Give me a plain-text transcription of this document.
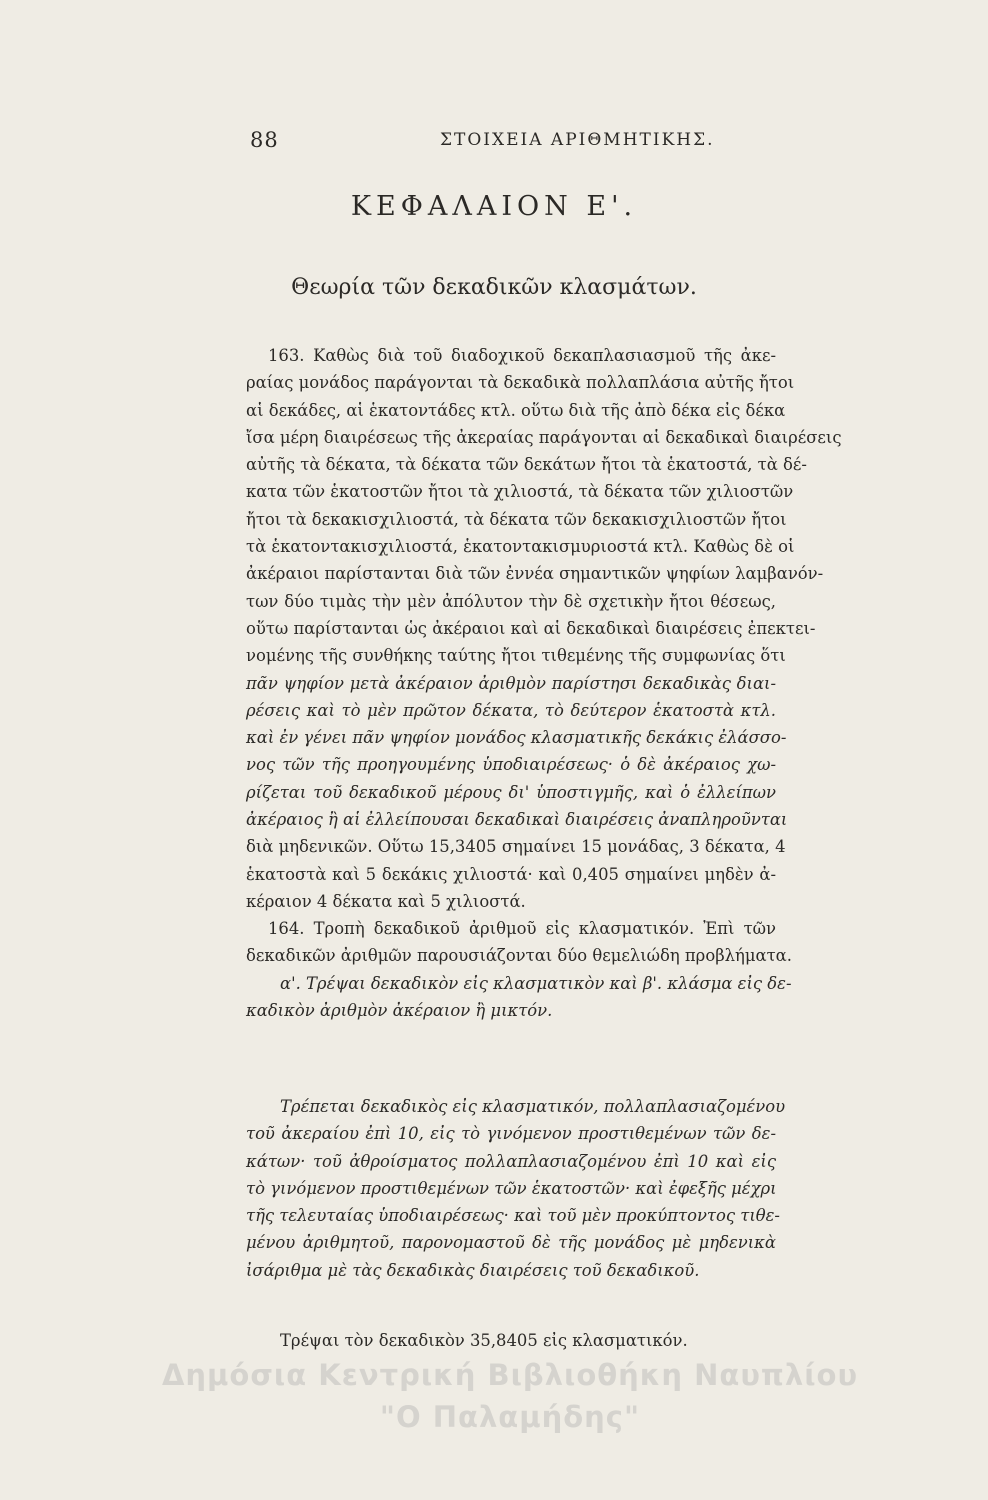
88	ΣΤΟΙΧΕΙΑ ΑΡΙΘΜΗΤΙΚΗΣ.
ΚΕΦΑΛΑΙΟΝ Ε'.
Θεωρία τῶν δεκαδικῶν κλασμάτων.
163. Καθὼς διὰ τοῦ διαδοχικοῦ δεκαπλασιασμοῦ τῆς ἀκε-
ραίας μονάδος παράγονται τὰ δεκαδικὰ πολλαπλάσια αὐτῆς ἤτοι
αἱ δεκάδες, αἱ ἑκατοντάδες κτλ. οὕτω διὰ τῆς ἀπὸ δέκα εἰς δέκα
ἴσα μέρη διαιρέσεως τῆς ἀκεραίας παράγονται αἱ δεκαδικαὶ διαιρέσεις
αὐτῆς τὰ δέκατα, τὰ δέκατα τῶν δεκάτων ἤτοι τὰ ἑκατοστά, τὰ δέ-
κατα τῶν ἑκατοστῶν ἤτοι τὰ χιλιοστά, τὰ δέκατα τῶν χιλιοστῶν
ἤτοι τὰ δεκακισχιλιοστά, τὰ δέκατα τῶν δεκακισχιλιοστῶν ἤτοι
τὰ ἑκατοντακισχιλιοστά, ἑκατοντακισμυριοστά κτλ. Καθὼς δὲ οἱ
ἀκέραιοι παρίστανται διὰ τῶν ἐννέα σημαντικῶν ψηφίων λαμβανόν-
των δύο τιμὰς τὴν μὲν ἀπόλυτον τὴν δὲ σχετικὴν ἤτοι θέσεως,
οὕτω παρίστανται ὡς ἀκέραιοι καὶ αἱ δεκαδικαὶ διαιρέσεις ἐπεκτει-
νομένης τῆς συνθήκης ταύτης ἤτοι τιθεμένης τῆς συμφωνίας ὅτι
πᾶν ψηφίον μετὰ ἀκέραιον ἀριθμὸν παρίστησι δεκαδικὰς διαι-
ρέσεις καὶ τὸ μὲν πρῶτον δέκατα, τὸ δεύτερον ἑκατοστὰ κτλ.
καὶ ἐν γένει πᾶν ψηφίον μονάδος κλασματικῆς δεκάκις ἐλάσσο-
νος τῶν τῆς προηγουμένης ὑποδιαιρέσεως· ὁ δὲ ἀκέραιος χω-
ρίζεται τοῦ δεκαδικοῦ μέρους δι' ὑποστιγμῆς, καὶ ὁ ἐλλείπων
ἀκέραιος ἢ αἱ ἐλλείπουσαι δεκαδικαὶ διαιρέσεις ἀναπληροῦνται
διὰ μηδενικῶν. Οὕτω 15,3405 σημαίνει 15 μονάδας, 3 δέκατα, 4
ἑκατοστὰ καὶ 5 δεκάκις χιλιοστά· καὶ 0,405 σημαίνει μηδὲν ἀ-
κέραιον 4 δέκατα καὶ 5 χιλιοστά.
164. Τροπὴ δεκαδικοῦ ἀριθμοῦ εἰς κλασματικόν. Ἐπὶ τῶν
δεκαδικῶν ἀριθμῶν παρουσιάζονται δύο θεμελιώδη προβλήματα.
α'. Τρέψαι δεκαδικὸν εἰς κλασματικὸν καὶ β'. κλάσμα εἰς δε-
καδικὸν ἀριθμὸν ἀκέραιον ἢ μικτόν.
Τρέπεται δεκαδικὸς εἰς κλασματικόν, πολλαπλασιαζομένου
τοῦ ἀκεραίου ἐπὶ 10, εἰς τὸ γινόμενον προστιθεμένων τῶν δε-
κάτων· τοῦ ἀθροίσματος πολλαπλασιαζομένου ἐπὶ 10 καὶ εἰς
τὸ γινόμενον προστιθεμένων τῶν ἑκατοστῶν· καὶ ἐφεξῆς μέχρι
τῆς τελευταίας ὑποδιαιρέσεως· καὶ τοῦ μὲν προκύπτοντος τιθε-
μένου ἀριθμητοῦ, παρονομαστοῦ δὲ τῆς μονάδος μὲ μηδενικὰ
ἰσάριθμα μὲ τὰς δεκαδικὰς διαιρέσεις τοῦ δεκαδικοῦ.
Τρέψαι τὸν δεκαδικὸν 35,8405 εἰς κλασματικόν.
Δημόσια Κεντρική Βιβλιοθήκη Ναυπλίου
"Ο Παλαμήδης"
